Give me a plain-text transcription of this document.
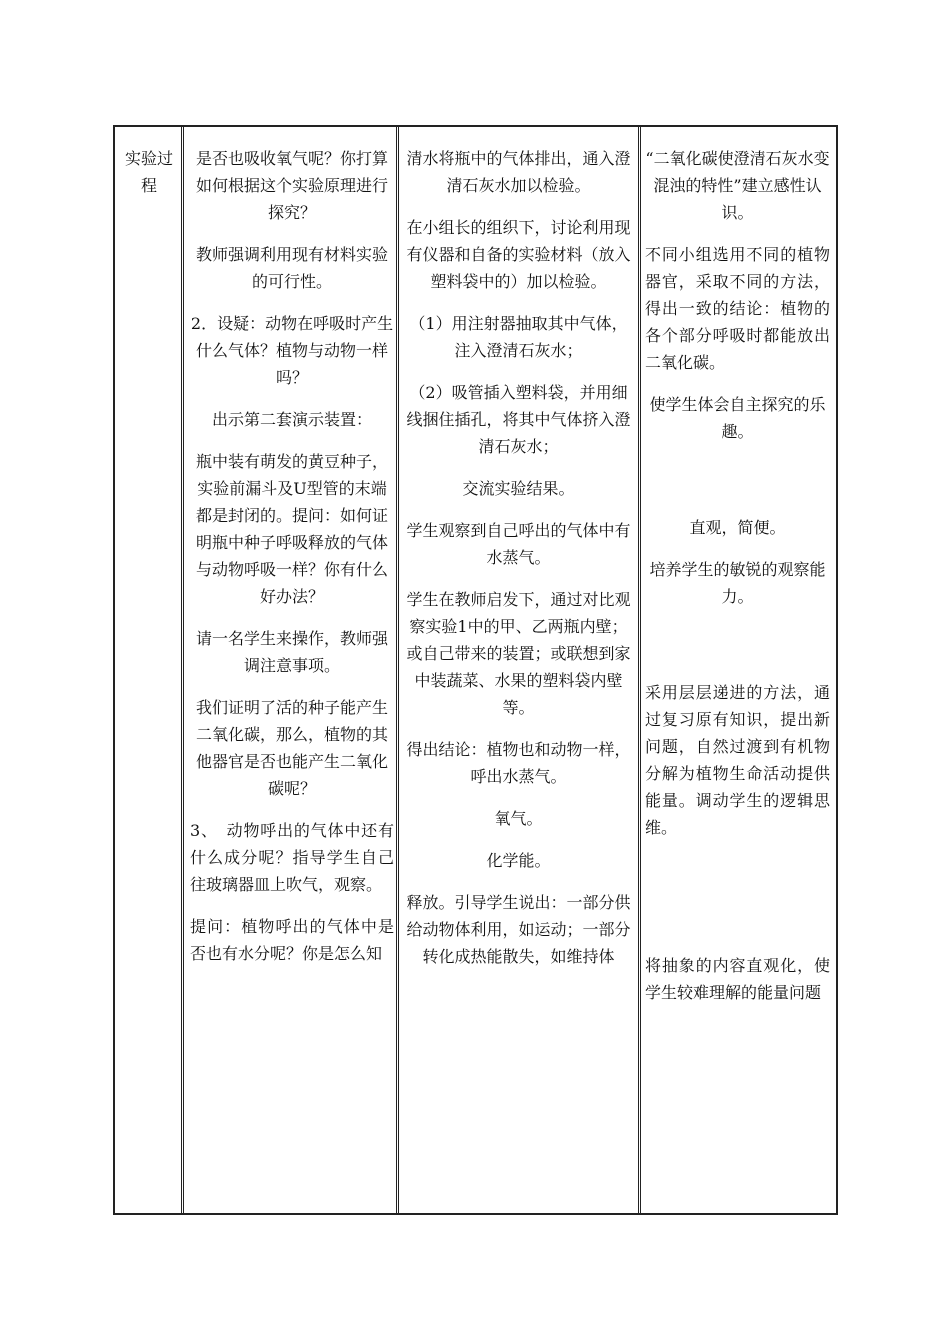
实验过程

是否也吸收氧气呢？你打算如何根据这个实验原理进行探究？

教师强调利用现有材料实验的可行性。

2．设疑：动物在呼吸时产生什么气体？植物与动物一样吗？

出示第二套演示装置：

瓶中装有萌发的黄豆种子，实验前漏斗及U型管的末端都是封闭的。提问：如何证明瓶中种子呼吸释放的气体与动物呼吸一样？你有什么好办法？

请一名学生来操作，教师强调注意事项。

我们证明了活的种子能产生二氧化碳，那么，植物的其他器官是否也能产生二氧化碳呢？

3、　动物呼出的气体中还有什么成分呢？指导学生自己往玻璃器皿上吹气，观察。

提问：植物呼出的气体中是否也有水分呢？你是怎么知

清水将瓶中的气体排出，通入澄清石灰水加以检验。

在小组长的组织下，讨论利用现有仪器和自备的实验材料（放入塑料袋中的）加以检验。

（1）用注射器抽取其中气体，注入澄清石灰水；

（2）吸管插入塑料袋，并用细线捆住插孔，将其中气体挤入澄清石灰水；

交流实验结果。

学生观察到自己呼出的气体中有水蒸气。

学生在教师启发下，通过对比观察实验1中的甲、乙两瓶内壁；或自己带来的装置；或联想到家中装蔬菜、水果的塑料袋内壁等。

得出结论：植物也和动物一样，呼出水蒸气。

氧气。

化学能。

释放。引导学生说出：一部分供给动物体利用，如运动；一部分转化成热能散失，如维持体

“二氧化碳使澄清石灰水变混浊的特性”建立感性认识。

不同小组选用不同的植物器官，采取不同的方法，得出一致的结论：植物的各个部分呼吸时都能放出二氧化碳。

使学生体会自主探究的乐趣。

直观，简便。

培养学生的敏锐的观察能力。

采用层层递进的方法，通过复习原有知识，提出新问题，自然过渡到有机物分解为植物生命活动提供能量。调动学生的逻辑思维。

将抽象的内容直观化，使学生较难理解的能量问题
